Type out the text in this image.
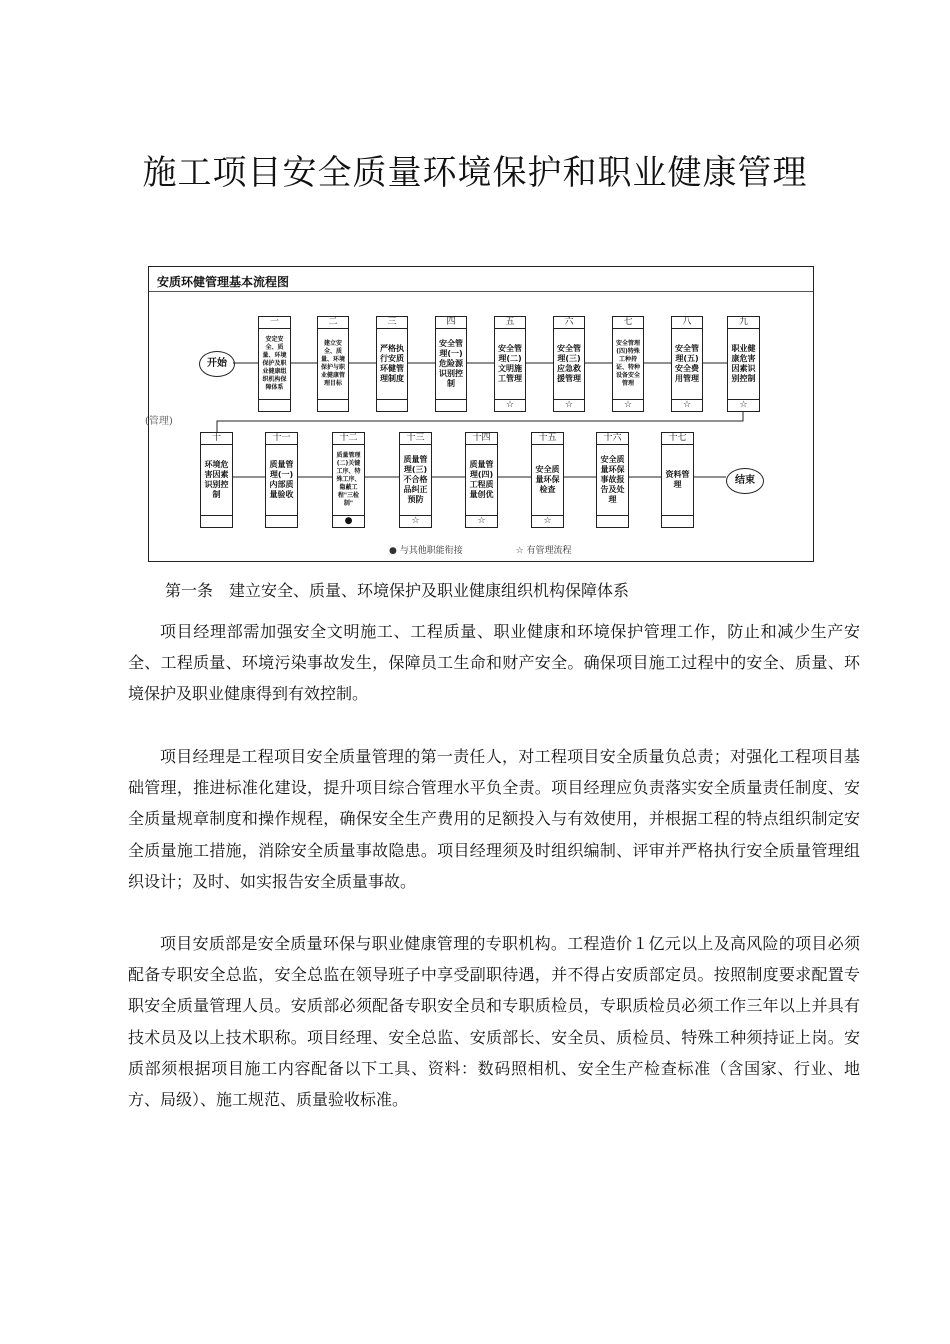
施工项目安全质量环境保护和职业健康管理
安质环健管理基本流程图
(管理)
开始
一
安定安全、质量、环境保护及职业健康组织机构保障体系
二
建立安全、质量、环境保护与职业健康管理目标
三
严格执行安质环健管理制度
四
安全管理(一)危险源识别控制
五
安全管理(二)文明施工管理
☆
六
安全管理(三)应急救援管理
☆
七
安全管理(四)特殊工种持证、特种设备安全管理
☆
八
安全管理(五)安全费用管理
☆
九
职业健康危害因素识别控制
☆
十
环境危害因素识别控制
十一
质量管理(一)内部质量验收
十二
质量管理(二)关键工序、特殊工序、隐蔽工程"三检制"
●
十三
质量管理(三)不合格品纠正预防
☆
十四
质量管理(四)工程质量创优
☆
十五
安全质量环保检查
☆
十六
安全质量环保事故报告及处理
十七
资料管理	结束
● 与其他职能衔接	☆ 有管理流程
第一条　建立安全、质量、环境保护及职业健康组织机构保障体系

项目经理部需加强安全文明施工、工程质量、职业健康和环境保护管理工作，防止和减少生产安全、工程质量、环境污染事故发生，保障员工生命和财产安全。确保项目施工过程中的安全、质量、环境保护及职业健康得到有效控制。

项目经理是工程项目安全质量管理的第一责任人，对工程项目安全质量负总责；对强化工程项目基础管理，推进标准化建设，提升项目综合管理水平负全责。项目经理应负责落实安全质量责任制度、安全质量规章制度和操作规程，确保安全生产费用的足额投入与有效使用，并根据工程的特点组织制定安全质量施工措施，消除安全质量事故隐患。项目经理须及时组织编制、评审并严格执行安全质量管理组织设计；及时、如实报告安全质量事故。

项目安质部是安全质量环保与职业健康管理的专职机构。工程造价１亿元以上及高风险的项目必须配备专职安全总监，安全总监在领导班子中享受副职待遇，并不得占安质部定员。按照制度要求配置专职安全质量管理人员。安质部必须配备专职安全员和专职质检员，专职质检员必须工作三年以上并具有技术员及以上技术职称。项目经理、安全总监、安质部长、安全员、质检员、特殊工种须持证上岗。安质部须根据项目施工内容配备以下工具、资料：数码照相机、安全生产检查标准（含国家、行业、地方、局级）、施工规范、质量验收标准。
